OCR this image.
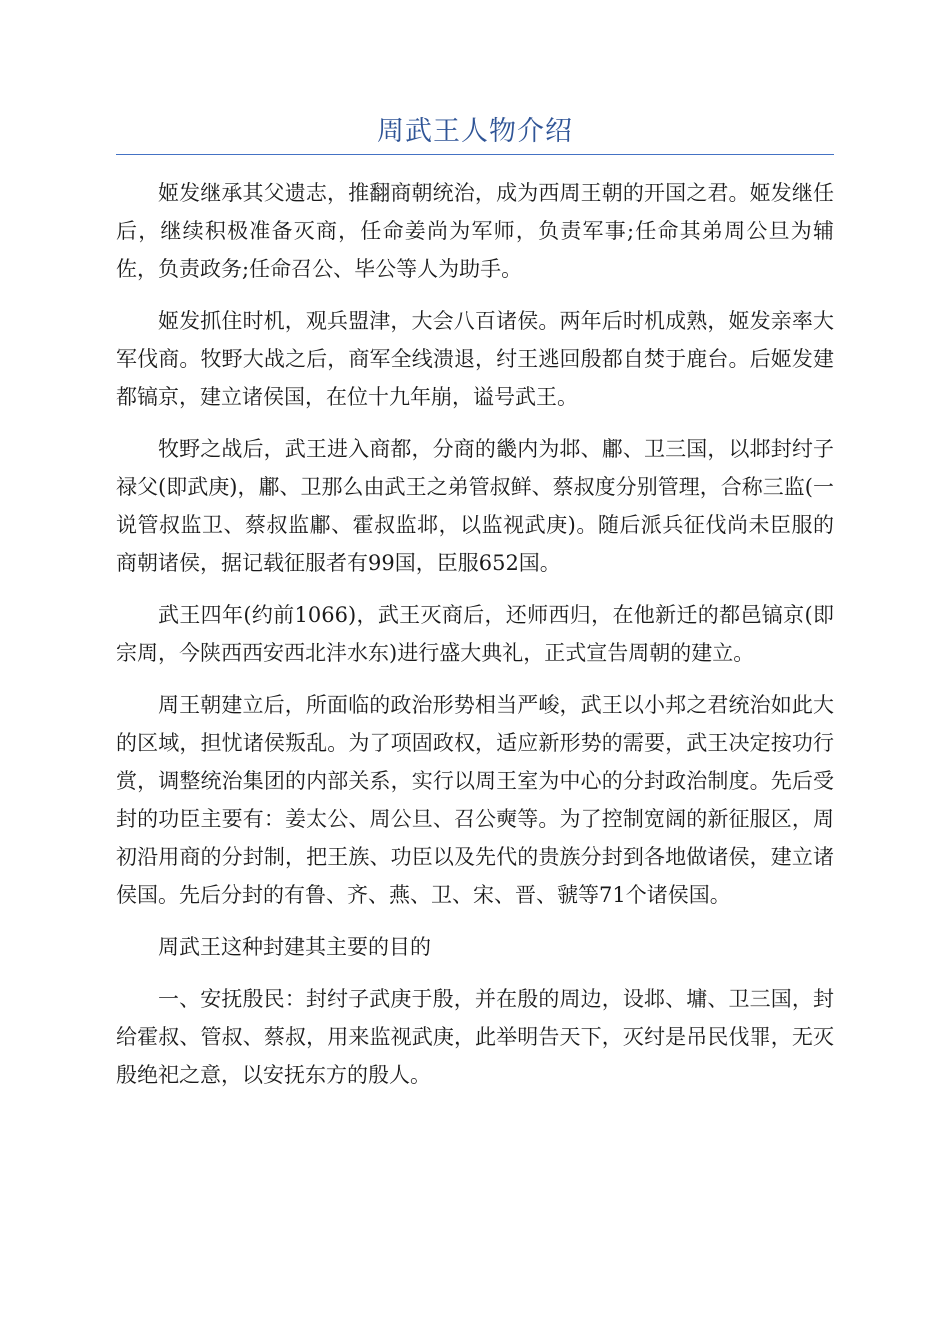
周武王人物介绍

姬发继承其父遗志，推翻商朝统治，成为西周王朝的开国之君。姬发继任后，继续积极准备灭商，任命姜尚为军师，负责军事;任命其弟周公旦为辅佐，负责政务;任命召公、毕公等人为助手。

姬发抓住时机，观兵盟津，大会八百诸侯。两年后时机成熟，姬发亲率大军伐商。牧野大战之后，商军全线溃退，纣王逃回殷都自焚于鹿台。后姬发建都镐京，建立诸侯国，在位十九年崩，谥号武王。

牧野之战后，武王进入商都，分商的畿内为邶、鄘、卫三国，以邶封纣子禄父(即武庚)，鄘、卫那么由武王之弟管叔鲜、蔡叔度分别管理，合称三监(一说管叔监卫、蔡叔监鄘、霍叔监邶，以监视武庚)。随后派兵征伐尚未臣服的商朝诸侯，据记载征服者有99国，臣服652国。

武王四年(约前1066)，武王灭商后，还师西归，在他新迁的都邑镐京(即宗周，今陕西西安西北沣水东)进行盛大典礼，正式宣告周朝的建立。

周王朝建立后，所面临的政治形势相当严峻，武王以小邦之君统治如此大的区域，担忧诸侯叛乱。为了项固政权，适应新形势的需要，武王决定按功行赏，调整统治集团的内部关系，实行以周王室为中心的分封政治制度。先后受封的功臣主要有：姜太公、周公旦、召公奭等。为了控制宽阔的新征服区，周初沿用商的分封制，把王族、功臣以及先代的贵族分封到各地做诸侯，建立诸侯国。先后分封的有鲁、齐、燕、卫、宋、晋、虢等71个诸侯国。

周武王这种封建其主要的目的

一、安抚殷民：封纣子武庚于殷，并在殷的周边，设邶、墉、卫三国，封给霍叔、管叔、蔡叔，用来监视武庚，此举明告天下，灭纣是吊民伐罪，无灭殷绝祀之意，以安抚东方的殷人。
